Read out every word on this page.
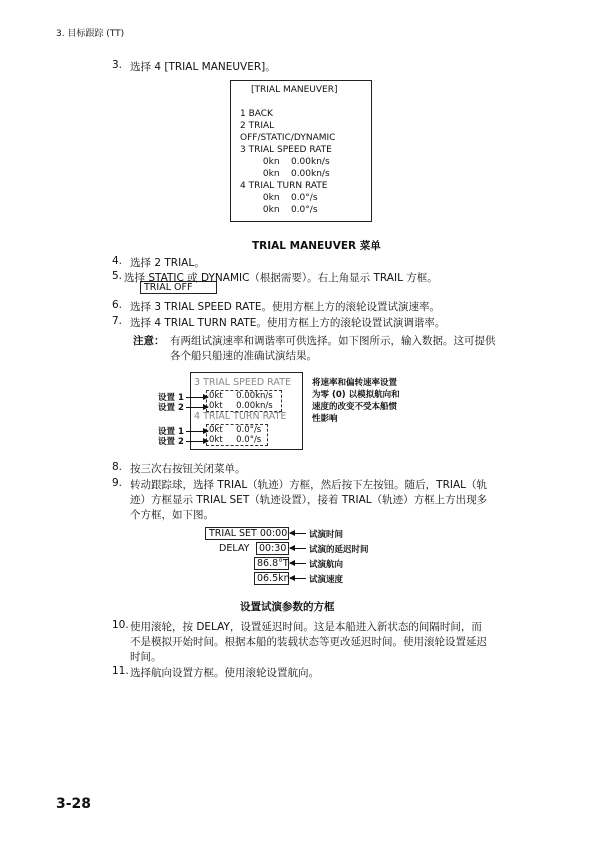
3. 目标跟踪 (TT)
3. 选择 4 [TRIAL MANEUVER]。
[TRIAL MANEUVER]
1 BACK
2 TRIAL
OFF/STATIC/DYNAMIC
3 TRIAL SPEED RATE
0kn    0.00kn/s
0kn    0.00kn/s
4 TRIAL TURN RATE
0kn    0.0°/s
0kn    0.0°/s
TRIAL MANEUVER 菜单
4. 选择 2 TRIAL。
5. 选择 STATIC 或 DYNAMIC（根据需要）。右上角显示 TRAIL 方框。
TRIAL OFF
6. 选择 3 TRIAL SPEED RATE。使用方框上方的滚轮设置试演速率。
7. 选择 4 TRIAL TURN RATE。使用方框上方的滚轮设置试演调谐率。
注意： 有两组试演速率和调谐率可供选择。如下图所示，输入数据。这可提供
各个船只船速的准确试演结果。
3 TRIAL SPEED RATE
4 TRIAL TURN RATE
0kt     0.00kn/s
0kt     0.00kn/s
0kt     0.0°/s
0kt     0.0°/s
设置 1
设置 2
设置 1
设置 2
将速率和偏转速率设置
为零 (0) 以模拟航向和
速度的改变不受本船惯
性影响
8. 按三次右按钮关闭菜单。
9. 转动跟踪球，选择 TRIAL（轨迹）方框，然后按下左按钮。随后，TRIAL（轨
迹）方框显示 TRIAL SET（轨迹设置），接着 TRIAL（轨迹）方框上方出现多
个方框，如下图。
TRIAL SET 00:00
DELAY	00:30
86.8°T
06.5kn
试演时间
试演的延迟时间
试演航向
试演速度
设置试演参数的方框
10. 使用滚轮，按 DELAY，设置延迟时间。这是本船进入新状态的间隔时间，而
不是模拟开始时间。根据本船的装载状态等更改延迟时间。使用滚轮设置延迟
时间。
11. 选择航向设置方框。使用滚轮设置航向。
3-28
